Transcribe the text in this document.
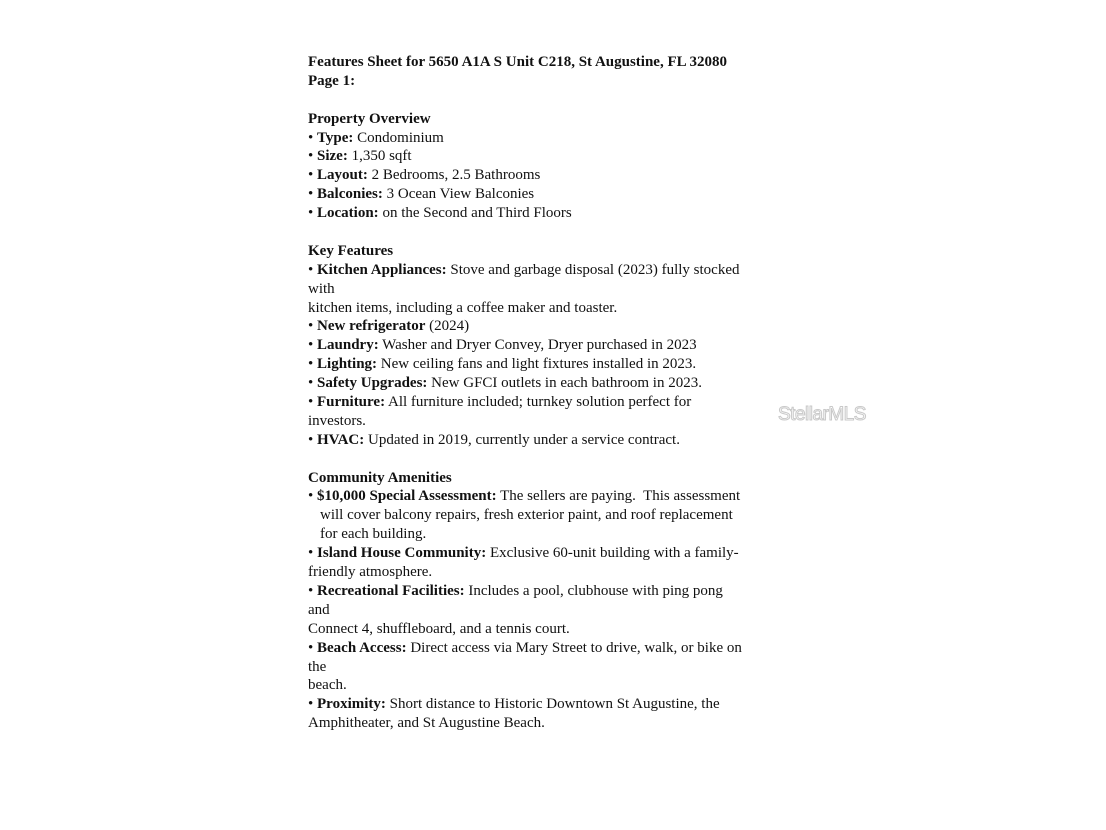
Features Sheet for 5650 A1A S Unit C218, St Augustine, FL 32080
Page 1:
Property Overview
• Type: Condominium
• Size: 1,350 sqft
• Layout: 2 Bedrooms, 2.5 Bathrooms
• Balconies: 3 Ocean View Balconies
• Location: on the Second and Third Floors
Key Features
• Kitchen Appliances: Stove and garbage disposal (2023) fully stocked
with
kitchen items, including a coffee maker and toaster.
• New refrigerator (2024)
• Laundry: Washer and Dryer Convey, Dryer purchased in 2023
• Lighting: New ceiling fans and light fixtures installed in 2023.
• Safety Upgrades: New GFCI outlets in each bathroom in 2023.
• Furniture: All furniture included; turnkey solution perfect for
investors.
• HVAC: Updated in 2019, currently under a service contract.
Community Amenities
• $10,000 Special Assessment: The sellers are paying.  This assessment
will cover balcony repairs, fresh exterior paint, and roof replacement
for each building.
• Island House Community: Exclusive 60-unit building with a family-
friendly atmosphere.
• Recreational Facilities: Includes a pool, clubhouse with ping pong
and
Connect 4, shuffleboard, and a tennis court.
• Beach Access: Direct access via Mary Street to drive, walk, or bike on
the
beach.
• Proximity: Short distance to Historic Downtown St Augustine, the
Amphitheater, and St Augustine Beach.
StellarMLS
